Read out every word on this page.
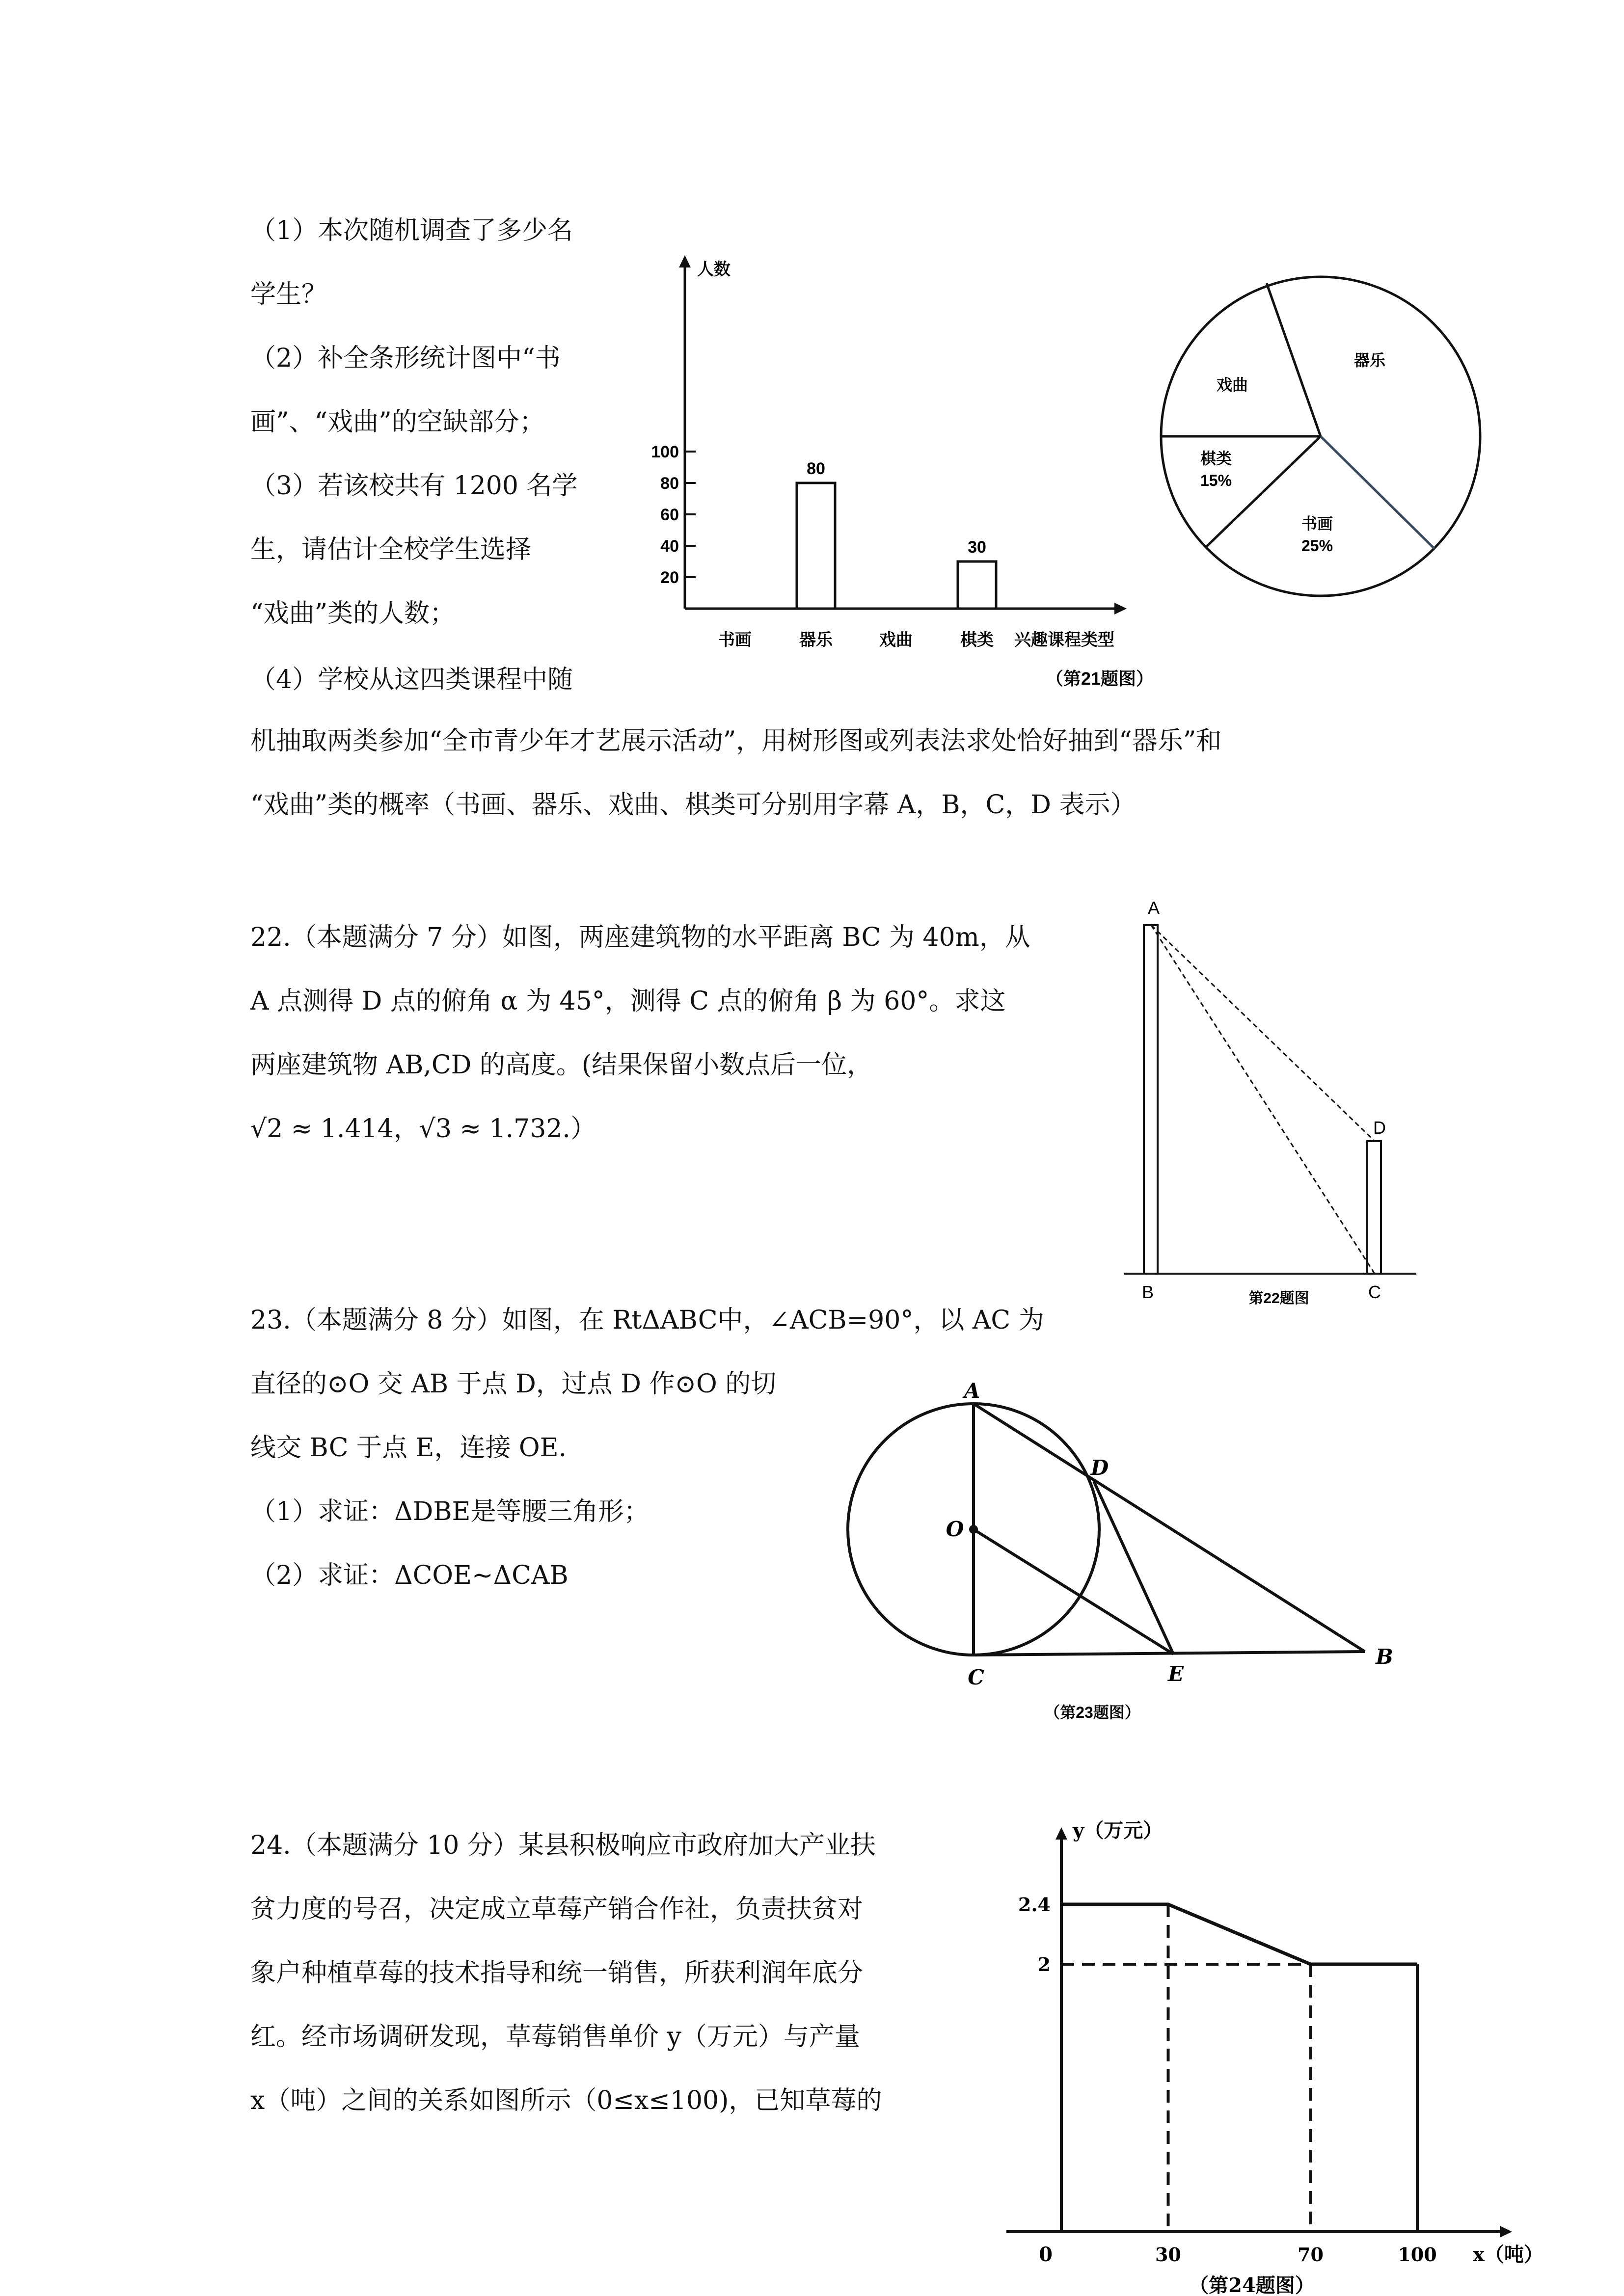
（1）本次随机调查了多少名
学生？
（2）补全条形统计图中“书
画”、“戏曲”的空缺部分；
（3）若该校共有 1200 名学
生，请估计全校学生选择
“戏曲”类的人数；
（4）学校从这四类课程中随
机抽取两类参加“全市青少年才艺展示活动”，用树形图或列表法求处恰好抽到“器乐”和
“戏曲”类的概率（书画、器乐、戏曲、棋类可分别用字幕 A，B，C，D 表示）
人数
兴趣课程类型
20
40
60
80
100
80
30
书画	器乐	戏曲	棋类
（第21题图）
器乐
戏曲
棋类
15%
书画
25%
22.（本题满分 7 分）如图，两座建筑物的水平距离 BC 为 40m，从
A 点测得 D 点的俯角 α 为 45°，测得 C 点的俯角 β 为 60°。求这
两座建筑物 AB,CD 的高度。(结果保留小数点后一位，
√2 ≈ 1.414，√3 ≈ 1.732.）
A
B	C
D
第22题图
23.（本题满分 8 分）如图，在 RtΔABC中，∠ACB=90°，以 AC 为
直径的⊙O 交 AB 于点 D，过点 D 作⊙O 的切
线交 BC 于点 E，连接 OE.
（1）求证：ΔDBE是等腰三角形；
（2）求证：ΔCOE~ΔCAB
A
C
D
O
E
B
（第23题图）
24.（本题满分 10 分）某县积极响应市政府加大产业扶
贫力度的号召，决定成立草莓产销合作社，负责扶贫对
象户种植草莓的技术指导和统一销售，所获利润年底分
红。经市场调研发现，草莓销售单价 y（万元）与产量
x（吨）之间的关系如图所示（0≤x≤100)，已知草莓的
y（万元）
x（吨）
0
2.4
2
30	70	100
（第24题图）
